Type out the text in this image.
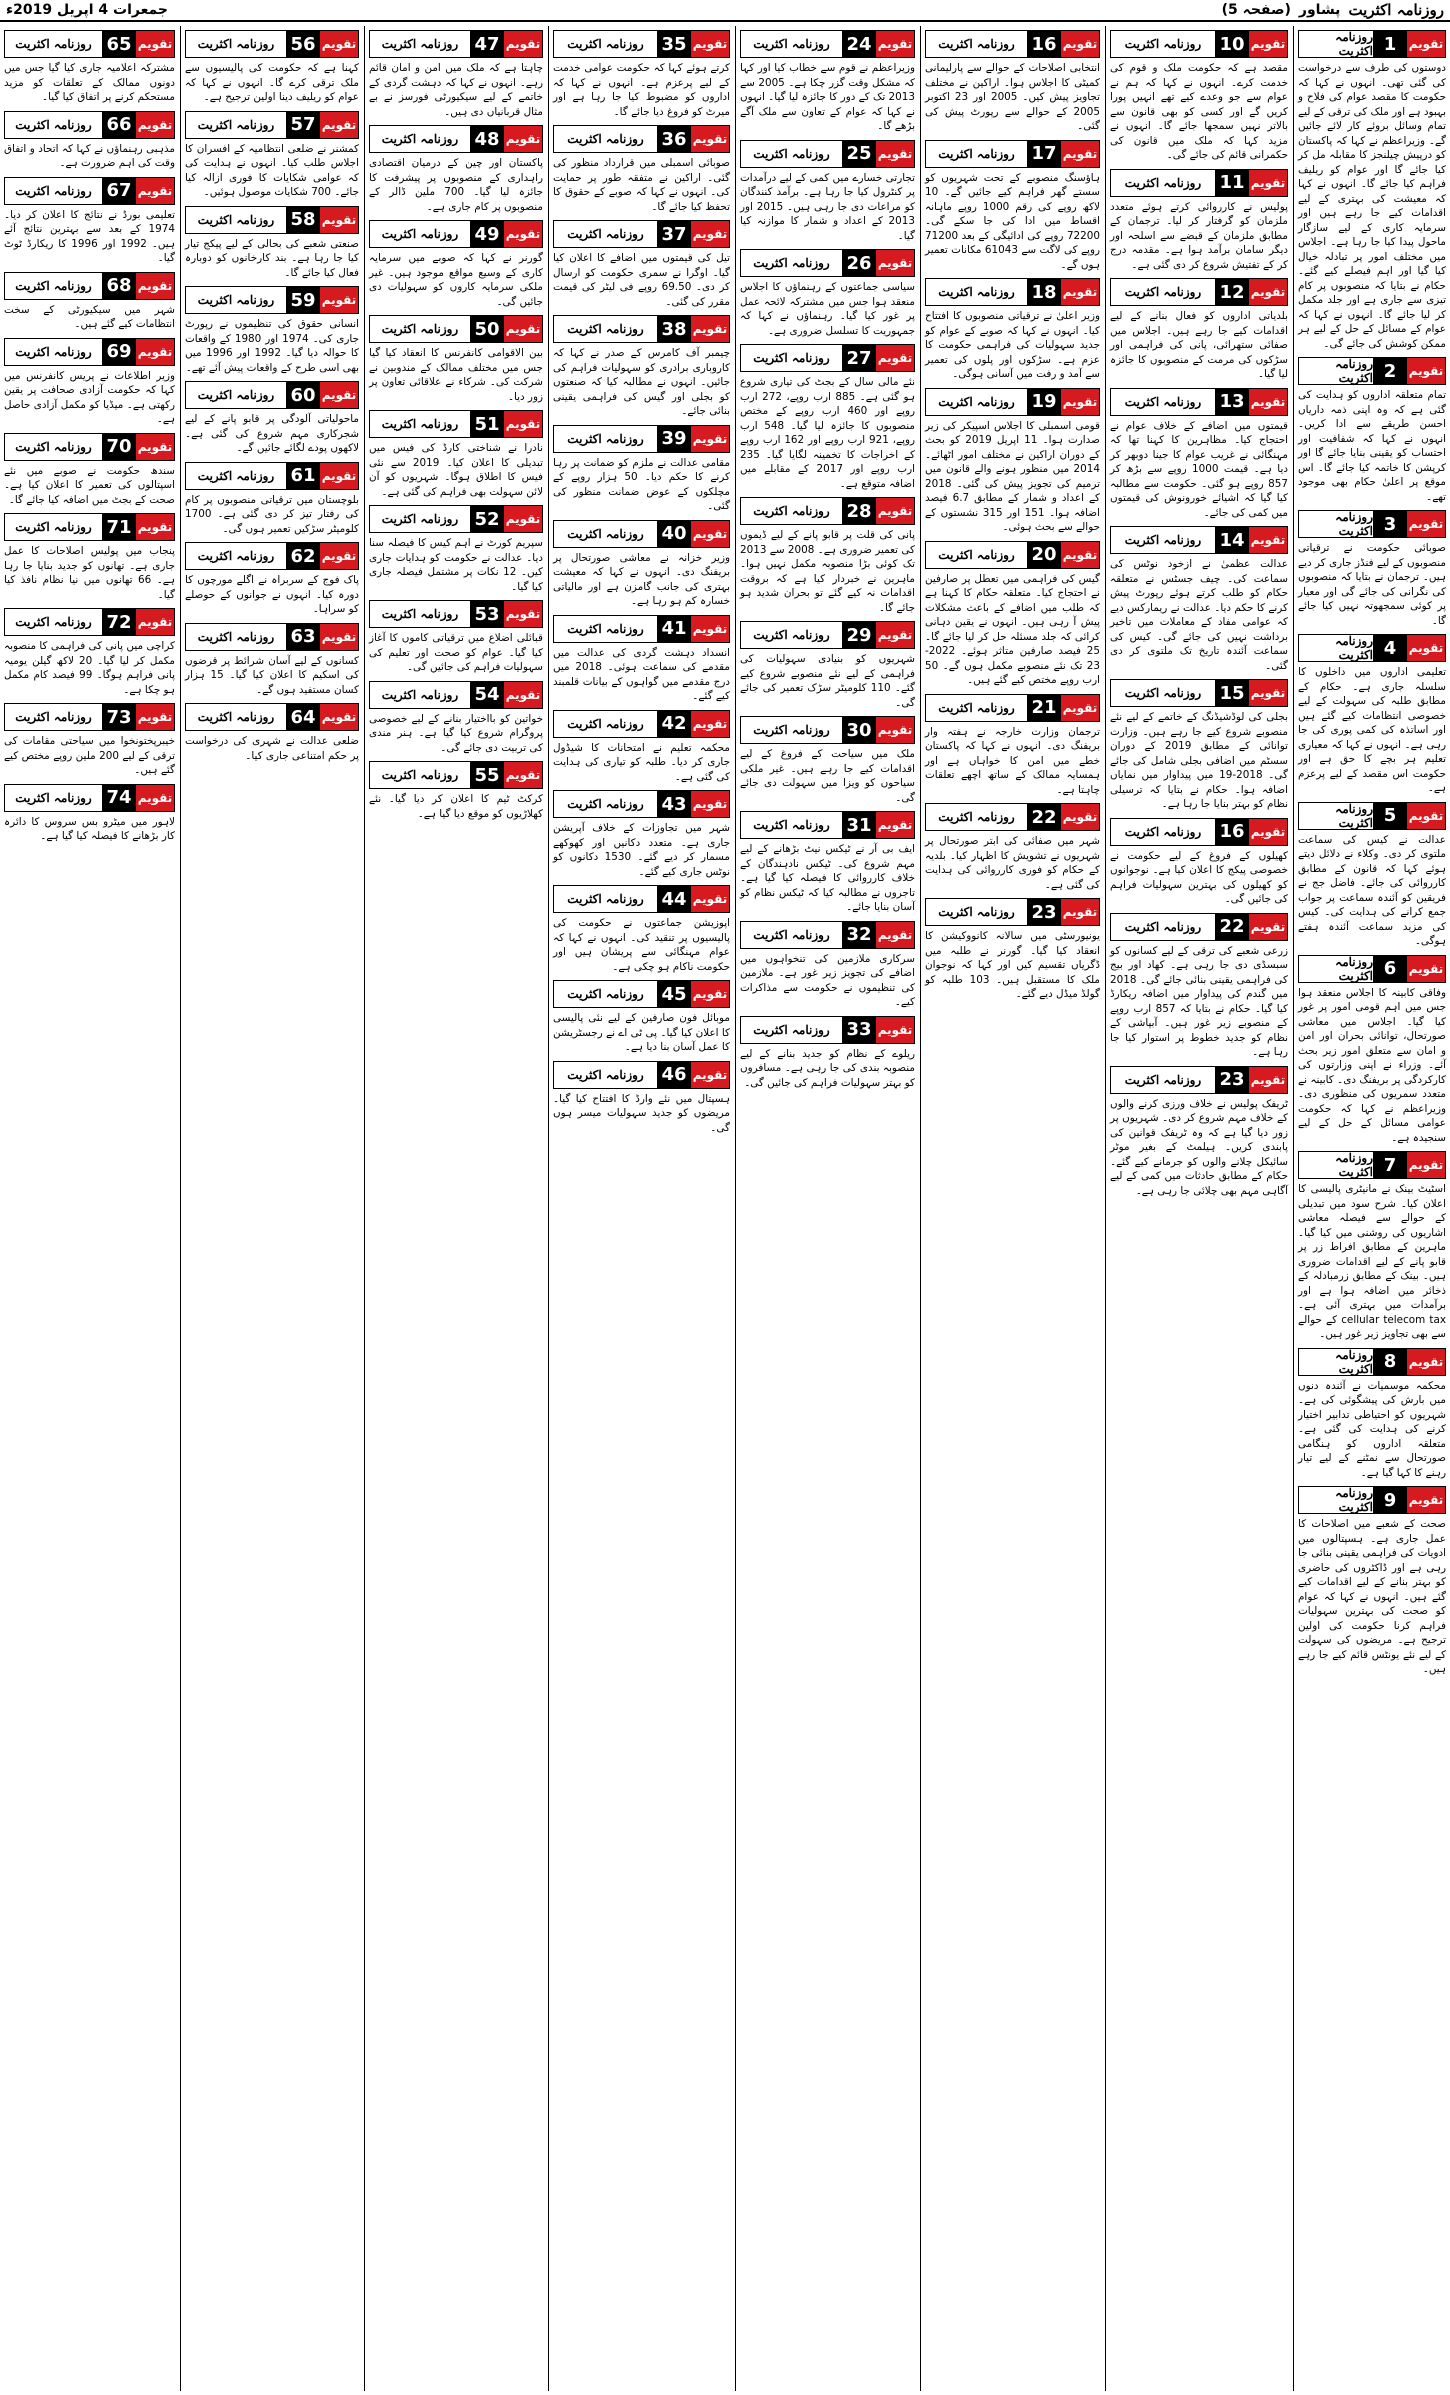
جمعرات 4 اپریل 2019ء	روزنامہ اکثریت
پشاور
(صفحہ 5)
تقویم
1
روزنامہ اکثریت

دوستوں کی طرف سے درخواست کی گئی تھی۔ انہوں نے کہا کہ حکومت کا مقصد عوام کی فلاح و بہبود ہے اور ملک کی ترقی کے لیے تمام وسائل بروئے کار لائے جائیں گے۔ وزیراعظم نے کہا کہ پاکستان کو درپیش چیلنجز کا مقابلہ مل کر کیا جائے گا اور عوام کو ریلیف فراہم کیا جائے گا۔ انہوں نے کہا کہ معیشت کی بہتری کے لیے اقدامات کیے جا رہے ہیں اور سرمایہ کاری کے لیے سازگار ماحول پیدا کیا جا رہا ہے۔ اجلاس میں مختلف امور پر تبادلہ خیال کیا گیا اور اہم فیصلے کیے گئے۔ حکام نے بتایا کہ منصوبوں پر کام تیزی سے جاری ہے اور جلد مکمل کر لیا جائے گا۔ انہوں نے کہا کہ عوام کے مسائل کے حل کے لیے ہر ممکن کوشش کی جائے گی۔

تقویم
2
روزنامہ اکثریت

تمام متعلقہ اداروں کو ہدایت کی گئی ہے کہ وہ اپنی ذمہ داریاں احسن طریقے سے ادا کریں۔ انہوں نے کہا کہ شفافیت اور احتساب کو یقینی بنایا جائے گا اور کرپشن کا خاتمہ کیا جائے گا۔ اس موقع پر اعلیٰ حکام بھی موجود تھے۔

تقویم
3
روزنامہ اکثریت

صوبائی حکومت نے ترقیاتی منصوبوں کے لیے فنڈز جاری کر دیے ہیں۔ ترجمان نے بتایا کہ منصوبوں کی نگرانی کی جائے گی اور معیار پر کوئی سمجھوتہ نہیں کیا جائے گا۔

تقویم
4
روزنامہ اکثریت

تعلیمی اداروں میں داخلوں کا سلسلہ جاری ہے۔ حکام کے مطابق طلبہ کی سہولت کے لیے خصوصی انتظامات کیے گئے ہیں اور اساتذہ کی کمی پوری کی جا رہی ہے۔ انہوں نے کہا کہ معیاری تعلیم ہر بچے کا حق ہے اور حکومت اس مقصد کے لیے پرعزم ہے۔

تقویم
5
روزنامہ اکثریت

عدالت نے کیس کی سماعت ملتوی کر دی۔ وکلاء نے دلائل دیتے ہوئے کہا کہ قانون کے مطابق کارروائی کی جائے۔ فاضل جج نے فریقین کو آئندہ سماعت پر جواب جمع کرانے کی ہدایت کی۔ کیس کی مزید سماعت آئندہ ہفتے ہوگی۔

تقویم
6
روزنامہ اکثریت

وفاقی کابینہ کا اجلاس منعقد ہوا جس میں اہم قومی امور پر غور کیا گیا۔ اجلاس میں معاشی صورتحال، توانائی بحران اور امن و امان سے متعلق امور زیر بحث آئے۔ وزراء نے اپنی وزارتوں کی کارکردگی پر بریفنگ دی۔ کابینہ نے متعدد سمریوں کی منظوری دی۔ وزیراعظم نے کہا کہ حکومت عوامی مسائل کے حل کے لیے سنجیدہ ہے۔

تقویم
7
روزنامہ اکثریت

اسٹیٹ بینک نے مانیٹری پالیسی کا اعلان کیا۔ شرح سود میں تبدیلی کے حوالے سے فیصلہ معاشی اشاریوں کی روشنی میں کیا گیا۔ ماہرین کے مطابق افراط زر پر قابو پانے کے لیے اقدامات ضروری ہیں۔ بینک کے مطابق زرمبادلہ کے ذخائر میں اضافہ ہوا ہے اور برآمدات میں بہتری آئی ہے۔ cellular telecom tax کے حوالے سے بھی تجاویز زیر غور ہیں۔

تقویم
8
روزنامہ اکثریت

محکمہ موسمیات نے آئندہ دنوں میں بارش کی پیشگوئی کی ہے۔ شہریوں کو احتیاطی تدابیر اختیار کرنے کی ہدایت کی گئی ہے۔ متعلقہ اداروں کو ہنگامی صورتحال سے نمٹنے کے لیے تیار رہنے کا کہا گیا ہے۔

تقویم
9
روزنامہ اکثریت

صحت کے شعبے میں اصلاحات کا عمل جاری ہے۔ ہسپتالوں میں ادویات کی فراہمی یقینی بنائی جا رہی ہے اور ڈاکٹروں کی حاضری کو بہتر بنانے کے لیے اقدامات کیے گئے ہیں۔ انہوں نے کہا کہ عوام کو صحت کی بہترین سہولیات فراہم کرنا حکومت کی اولین ترجیح ہے۔ مریضوں کی سہولت کے لیے نئے یونٹس قائم کیے جا رہے ہیں۔

تقویم
10
روزنامہ اکثریت

مقصد ہے کہ حکومت ملک و قوم کی خدمت کرے۔ انہوں نے کہا کہ ہم نے عوام سے جو وعدے کیے تھے انہیں پورا کریں گے اور کسی کو بھی قانون سے بالاتر نہیں سمجھا جائے گا۔ انہوں نے مزید کہا کہ ملک میں قانون کی حکمرانی قائم کی جائے گی۔

تقویم
11
روزنامہ اکثریت

پولیس نے کارروائی کرتے ہوئے متعدد ملزمان کو گرفتار کر لیا۔ ترجمان کے مطابق ملزمان کے قبضے سے اسلحہ اور دیگر سامان برآمد ہوا ہے۔ مقدمہ درج کر کے تفتیش شروع کر دی گئی ہے۔

تقویم
12
روزنامہ اکثریت

بلدیاتی اداروں کو فعال بنانے کے لیے اقدامات کیے جا رہے ہیں۔ اجلاس میں صفائی ستھرائی، پانی کی فراہمی اور سڑکوں کی مرمت کے منصوبوں کا جائزہ لیا گیا۔

تقویم
13
روزنامہ اکثریت

قیمتوں میں اضافے کے خلاف عوام نے احتجاج کیا۔ مظاہرین کا کہنا تھا کہ مہنگائی نے غریب عوام کا جینا دوبھر کر دیا ہے۔ قیمت 1000 روپے سے بڑھ کر 857 روپے ہو گئی۔ حکومت سے مطالبہ کیا گیا کہ اشیائے خورونوش کی قیمتوں میں کمی کی جائے۔

تقویم
14
روزنامہ اکثریت

عدالت عظمیٰ نے ازخود نوٹس کی سماعت کی۔ چیف جسٹس نے متعلقہ حکام کو طلب کرتے ہوئے رپورٹ پیش کرنے کا حکم دیا۔ عدالت نے ریمارکس دیے کہ عوامی مفاد کے معاملات میں تاخیر برداشت نہیں کی جائے گی۔ کیس کی سماعت آئندہ تاریخ تک ملتوی کر دی گئی۔

تقویم
15
روزنامہ اکثریت

بجلی کی لوڈشیڈنگ کے خاتمے کے لیے نئے منصوبے شروع کیے جا رہے ہیں۔ وزارت توانائی کے مطابق 2019 کے دوران سسٹم میں اضافی بجلی شامل کی جائے گی۔ 2018-19 میں پیداوار میں نمایاں اضافہ ہوا۔ حکام نے بتایا کہ ترسیلی نظام کو بہتر بنایا جا رہا ہے۔

تقویم
16
روزنامہ اکثریت

کھیلوں کے فروغ کے لیے حکومت نے خصوصی پیکج کا اعلان کیا ہے۔ نوجوانوں کو کھیلوں کی بہترین سہولیات فراہم کی جائیں گی۔

تقویم
22
روزنامہ اکثریت

زرعی شعبے کی ترقی کے لیے کسانوں کو سبسڈی دی جا رہی ہے۔ کھاد اور بیج کی فراہمی یقینی بنائی جائے گی۔ 2018 میں گندم کی پیداوار میں اضافہ ریکارڈ کیا گیا۔ حکام نے بتایا کہ 857 ارب روپے کے منصوبے زیر غور ہیں۔ آبپاشی کے نظام کو جدید خطوط پر استوار کیا جا رہا ہے۔

تقویم
23
روزنامہ اکثریت

ٹریفک پولیس نے خلاف ورزی کرنے والوں کے خلاف مہم شروع کر دی۔ شہریوں پر زور دیا گیا ہے کہ وہ ٹریفک قوانین کی پابندی کریں۔ ہیلمٹ کے بغیر موٹر سائیکل چلانے والوں کو جرمانے کیے گئے۔ حکام کے مطابق حادثات میں کمی کے لیے آگاہی مہم بھی چلائی جا رہی ہے۔

تقویم
16
روزنامہ اکثریت

انتخابی اصلاحات کے حوالے سے پارلیمانی کمیٹی کا اجلاس ہوا۔ اراکین نے مختلف تجاویز پیش کیں۔ 2005 اور 23 اکتوبر 2005 کے حوالے سے رپورٹ پیش کی گئی۔

تقویم
17
روزنامہ اکثریت

ہاؤسنگ منصوبے کے تحت شہریوں کو سستے گھر فراہم کیے جائیں گے۔ 10 لاکھ روپے کی رقم 1000 روپے ماہانہ اقساط میں ادا کی جا سکے گی۔ 72200 روپے کی ادائیگی کے بعد 71200 روپے کی لاگت سے 61043 مکانات تعمیر ہوں گے۔

تقویم
18
روزنامہ اکثریت

وزیر اعلیٰ نے ترقیاتی منصوبوں کا افتتاح کیا۔ انہوں نے کہا کہ صوبے کے عوام کو جدید سہولیات کی فراہمی حکومت کا عزم ہے۔ سڑکوں اور پلوں کی تعمیر سے آمد و رفت میں آسانی ہوگی۔

تقویم
19
روزنامہ اکثریت

قومی اسمبلی کا اجلاس اسپیکر کی زیر صدارت ہوا۔ 11 اپریل 2019 کو بحث کے دوران اراکین نے مختلف امور اٹھائے۔ 2014 میں منظور ہونے والے قانون میں ترمیم کی تجویز پیش کی گئی۔ 2018 کے اعداد و شمار کے مطابق 6.7 فیصد اضافہ ہوا۔ 151 اور 315 نشستوں کے حوالے سے بحث ہوئی۔

تقویم
20
روزنامہ اکثریت

گیس کی فراہمی میں تعطل پر صارفین نے احتجاج کیا۔ متعلقہ حکام کا کہنا ہے کہ طلب میں اضافے کے باعث مشکلات پیش آ رہی ہیں۔ انہوں نے یقین دہانی کرائی کہ جلد مسئلہ حل کر لیا جائے گا۔ 25 فیصد صارفین متاثر ہوئے۔ 2022-23 تک نئے منصوبے مکمل ہوں گے۔ 50 ارب روپے مختص کیے گئے ہیں۔

تقویم
21
روزنامہ اکثریت

ترجمان وزارت خارجہ نے ہفتہ وار بریفنگ دی۔ انہوں نے کہا کہ پاکستان خطے میں امن کا خواہاں ہے اور ہمسایہ ممالک کے ساتھ اچھے تعلقات چاہتا ہے۔

تقویم
22
روزنامہ اکثریت

شہر میں صفائی کی ابتر صورتحال پر شہریوں نے تشویش کا اظہار کیا۔ بلدیہ کے حکام کو فوری کارروائی کی ہدایت کی گئی ہے۔

تقویم
23
روزنامہ اکثریت

یونیورسٹی میں سالانہ کانووکیشن کا انعقاد کیا گیا۔ گورنر نے طلبہ میں ڈگریاں تقسیم کیں اور کہا کہ نوجوان ملک کا مستقبل ہیں۔ 103 طلبہ کو گولڈ میڈل دیے گئے۔

تقویم
24
روزنامہ اکثریت

وزیراعظم نے قوم سے خطاب کیا اور کہا کہ مشکل وقت گزر چکا ہے۔ 2005 سے 2013 تک کے دور کا جائزہ لیا گیا۔ انہوں نے کہا کہ عوام کے تعاون سے ملک آگے بڑھے گا۔

تقویم
25
روزنامہ اکثریت

تجارتی خسارے میں کمی کے لیے درآمدات پر کنٹرول کیا جا رہا ہے۔ برآمد کنندگان کو مراعات دی جا رہی ہیں۔ 2015 اور 2013 کے اعداد و شمار کا موازنہ کیا گیا۔

تقویم
26
روزنامہ اکثریت

سیاسی جماعتوں کے رہنماؤں کا اجلاس منعقد ہوا جس میں مشترکہ لائحہ عمل پر غور کیا گیا۔ رہنماؤں نے کہا کہ جمہوریت کا تسلسل ضروری ہے۔

تقویم
27
روزنامہ اکثریت

نئے مالی سال کے بجٹ کی تیاری شروع ہو گئی ہے۔ 885 ارب روپے، 272 ارب روپے اور 460 ارب روپے کے مختص منصوبوں کا جائزہ لیا گیا۔ 548 ارب روپے، 921 ارب روپے اور 162 ارب روپے کے اخراجات کا تخمینہ لگایا گیا۔ 235 ارب روپے اور 2017 کے مقابلے میں اضافہ متوقع ہے۔

تقویم
28
روزنامہ اکثریت

پانی کی قلت پر قابو پانے کے لیے ڈیموں کی تعمیر ضروری ہے۔ 2008 سے 2013 تک کوئی بڑا منصوبہ مکمل نہیں ہوا۔ ماہرین نے خبردار کیا ہے کہ بروقت اقدامات نہ کیے گئے تو بحران شدید ہو جائے گا۔

تقویم
29
روزنامہ اکثریت

شہریوں کو بنیادی سہولیات کی فراہمی کے لیے نئے منصوبے شروع کیے گئے۔ 110 کلومیٹر سڑک تعمیر کی جائے گی۔

تقویم
30
روزنامہ اکثریت

ملک میں سیاحت کے فروغ کے لیے اقدامات کیے جا رہے ہیں۔ غیر ملکی سیاحوں کو ویزا میں سہولت دی جائے گی۔

تقویم
31
روزنامہ اکثریت

ایف بی آر نے ٹیکس نیٹ بڑھانے کے لیے مہم شروع کی۔ ٹیکس نادہندگان کے خلاف کارروائی کا فیصلہ کیا گیا ہے۔ تاجروں نے مطالبہ کیا کہ ٹیکس نظام کو آسان بنایا جائے۔

تقویم
32
روزنامہ اکثریت

سرکاری ملازمین کی تنخواہوں میں اضافے کی تجویز زیر غور ہے۔ ملازمین کی تنظیموں نے حکومت سے مذاکرات کیے۔

تقویم
33
روزنامہ اکثریت

ریلوے کے نظام کو جدید بنانے کے لیے منصوبہ بندی کی جا رہی ہے۔ مسافروں کو بہتر سہولیات فراہم کی جائیں گی۔

تقویم
35
روزنامہ اکثریت

کرتے ہوئے کہا کہ حکومت عوامی خدمت کے لیے پرعزم ہے۔ انہوں نے کہا کہ اداروں کو مضبوط کیا جا رہا ہے اور میرٹ کو فروغ دیا جائے گا۔

تقویم
36
روزنامہ اکثریت

صوبائی اسمبلی میں قرارداد منظور کی گئی۔ اراکین نے متفقہ طور پر حمایت کی۔ انہوں نے کہا کہ صوبے کے حقوق کا تحفظ کیا جائے گا۔

تقویم
37
روزنامہ اکثریت

تیل کی قیمتوں میں اضافے کا اعلان کیا گیا۔ اوگرا نے سمری حکومت کو ارسال کر دی۔ 69.50 روپے فی لیٹر کی قیمت مقرر کی گئی۔

تقویم
38
روزنامہ اکثریت

چیمبر آف کامرس کے صدر نے کہا کہ کاروباری برادری کو سہولیات فراہم کی جائیں۔ انہوں نے مطالبہ کیا کہ صنعتوں کو بجلی اور گیس کی فراہمی یقینی بنائی جائے۔

تقویم
39
روزنامہ اکثریت

مقامی عدالت نے ملزم کو ضمانت پر رہا کرنے کا حکم دیا۔ 50 ہزار روپے کے مچلکوں کے عوض ضمانت منظور کی گئی۔

تقویم
40
روزنامہ اکثریت

وزیر خزانہ نے معاشی صورتحال پر بریفنگ دی۔ انہوں نے کہا کہ معیشت بہتری کی جانب گامزن ہے اور مالیاتی خسارہ کم ہو رہا ہے۔

تقویم
41
روزنامہ اکثریت

انسداد دہشت گردی کی عدالت میں مقدمے کی سماعت ہوئی۔ 2018 میں درج مقدمے میں گواہوں کے بیانات قلمبند کیے گئے۔

تقویم
42
روزنامہ اکثریت

محکمہ تعلیم نے امتحانات کا شیڈول جاری کر دیا۔ طلبہ کو تیاری کی ہدایت کی گئی ہے۔

تقویم
43
روزنامہ اکثریت

شہر میں تجاوزات کے خلاف آپریشن جاری ہے۔ متعدد دکانیں اور کھوکھے مسمار کر دیے گئے۔ 1530 دکانوں کو نوٹس جاری کیے گئے۔

تقویم
44
روزنامہ اکثریت

اپوزیشن جماعتوں نے حکومت کی پالیسیوں پر تنقید کی۔ انہوں نے کہا کہ عوام مہنگائی سے پریشان ہیں اور حکومت ناکام ہو چکی ہے۔

تقویم
45
روزنامہ اکثریت

موبائل فون صارفین کے لیے نئی پالیسی کا اعلان کیا گیا۔ پی ٹی اے نے رجسٹریشن کا عمل آسان بنا دیا ہے۔

تقویم
46
روزنامہ اکثریت

ہسپتال میں نئے وارڈ کا افتتاح کیا گیا۔ مریضوں کو جدید سہولیات میسر ہوں گی۔

تقویم
47
روزنامہ اکثریت

چاہتا ہے کہ ملک میں امن و امان قائم رہے۔ انہوں نے کہا کہ دہشت گردی کے خاتمے کے لیے سیکیورٹی فورسز نے بے مثال قربانیاں دی ہیں۔

تقویم
48
روزنامہ اکثریت

پاکستان اور چین کے درمیان اقتصادی راہداری کے منصوبوں پر پیشرفت کا جائزہ لیا گیا۔ 700 ملین ڈالر کے منصوبوں پر کام جاری ہے۔

تقویم
49
روزنامہ اکثریت

گورنر نے کہا کہ صوبے میں سرمایہ کاری کے وسیع مواقع موجود ہیں۔ غیر ملکی سرمایہ کاروں کو سہولیات دی جائیں گی۔

تقویم
50
روزنامہ اکثریت

بین الاقوامی کانفرنس کا انعقاد کیا گیا جس میں مختلف ممالک کے مندوبین نے شرکت کی۔ شرکاء نے علاقائی تعاون پر زور دیا۔

تقویم
51
روزنامہ اکثریت

نادرا نے شناختی کارڈ کی فیس میں تبدیلی کا اعلان کیا۔ 2019 سے نئی فیس کا اطلاق ہوگا۔ شہریوں کو آن لائن سہولت بھی فراہم کی گئی ہے۔

تقویم
52
روزنامہ اکثریت

سپریم کورٹ نے اہم کیس کا فیصلہ سنا دیا۔ عدالت نے حکومت کو ہدایات جاری کیں۔ 12 نکات پر مشتمل فیصلہ جاری کیا گیا۔

تقویم
53
روزنامہ اکثریت

قبائلی اضلاع میں ترقیاتی کاموں کا آغاز کیا گیا۔ عوام کو صحت اور تعلیم کی سہولیات فراہم کی جائیں گی۔

تقویم
54
روزنامہ اکثریت

خواتین کو بااختیار بنانے کے لیے خصوصی پروگرام شروع کیا گیا ہے۔ ہنر مندی کی تربیت دی جائے گی۔

تقویم
55
روزنامہ اکثریت

کرکٹ ٹیم کا اعلان کر دیا گیا۔ نئے کھلاڑیوں کو موقع دیا گیا ہے۔

تقویم
56
روزنامہ اکثریت

کہنا ہے کہ حکومت کی پالیسیوں سے ملک ترقی کرے گا۔ انہوں نے کہا کہ عوام کو ریلیف دینا اولین ترجیح ہے۔

تقویم
57
روزنامہ اکثریت

کمشنر نے ضلعی انتظامیہ کے افسران کا اجلاس طلب کیا۔ انہوں نے ہدایت کی کہ عوامی شکایات کا فوری ازالہ کیا جائے۔ 700 شکایات موصول ہوئیں۔

تقویم
58
روزنامہ اکثریت

صنعتی شعبے کی بحالی کے لیے پیکج تیار کیا جا رہا ہے۔ بند کارخانوں کو دوبارہ فعال کیا جائے گا۔

تقویم
59
روزنامہ اکثریت

انسانی حقوق کی تنظیموں نے رپورٹ جاری کی۔ 1974 اور 1980 کے واقعات کا حوالہ دیا گیا۔ 1992 اور 1996 میں بھی اسی طرح کے واقعات پیش آئے تھے۔

تقویم
60
روزنامہ اکثریت

ماحولیاتی آلودگی پر قابو پانے کے لیے شجرکاری مہم شروع کی گئی ہے۔ لاکھوں پودے لگائے جائیں گے۔

تقویم
61
روزنامہ اکثریت

بلوچستان میں ترقیاتی منصوبوں پر کام کی رفتار تیز کر دی گئی ہے۔ 1700 کلومیٹر سڑکیں تعمیر ہوں گی۔

تقویم
62
روزنامہ اکثریت

پاک فوج کے سربراہ نے اگلے مورچوں کا دورہ کیا۔ انہوں نے جوانوں کے حوصلے کو سراہا۔

تقویم
63
روزنامہ اکثریت

کسانوں کے لیے آسان شرائط پر قرضوں کی اسکیم کا اعلان کیا گیا۔ 15 ہزار کسان مستفید ہوں گے۔

تقویم
64
روزنامہ اکثریت

ضلعی عدالت نے شہری کی درخواست پر حکم امتناعی جاری کیا۔

تقویم
65
روزنامہ اکثریت

مشترکہ اعلامیہ جاری کیا گیا جس میں دونوں ممالک کے تعلقات کو مزید مستحکم کرنے پر اتفاق کیا گیا۔

تقویم
66
روزنامہ اکثریت

مذہبی رہنماؤں نے کہا کہ اتحاد و اتفاق وقت کی اہم ضرورت ہے۔

تقویم
67
روزنامہ اکثریت

تعلیمی بورڈ نے نتائج کا اعلان کر دیا۔ 1974 کے بعد سے بہترین نتائج آئے ہیں۔ 1992 اور 1996 کا ریکارڈ ٹوٹ گیا۔

تقویم
68
روزنامہ اکثریت

شہر میں سیکیورٹی کے سخت انتظامات کیے گئے ہیں۔

تقویم
69
روزنامہ اکثریت

وزیر اطلاعات نے پریس کانفرنس میں کہا کہ حکومت آزادی صحافت پر یقین رکھتی ہے۔ میڈیا کو مکمل آزادی حاصل ہے۔

تقویم
70
روزنامہ اکثریت

سندھ حکومت نے صوبے میں نئے اسپتالوں کی تعمیر کا اعلان کیا ہے۔ صحت کے بجٹ میں اضافہ کیا جائے گا۔

تقویم
71
روزنامہ اکثریت

پنجاب میں پولیس اصلاحات کا عمل جاری ہے۔ تھانوں کو جدید بنایا جا رہا ہے۔ 66 تھانوں میں نیا نظام نافذ کیا گیا۔

تقویم
72
روزنامہ اکثریت

کراچی میں پانی کی فراہمی کا منصوبہ مکمل کر لیا گیا۔ 20 لاکھ گیلن یومیہ پانی فراہم ہوگا۔ 99 فیصد کام مکمل ہو چکا ہے۔

تقویم
73
روزنامہ اکثریت

خیبرپختونخوا میں سیاحتی مقامات کی ترقی کے لیے 200 ملین روپے مختص کیے گئے ہیں۔

تقویم
74
روزنامہ اکثریت

لاہور میں میٹرو بس سروس کا دائرہ کار بڑھانے کا فیصلہ کیا گیا ہے۔
